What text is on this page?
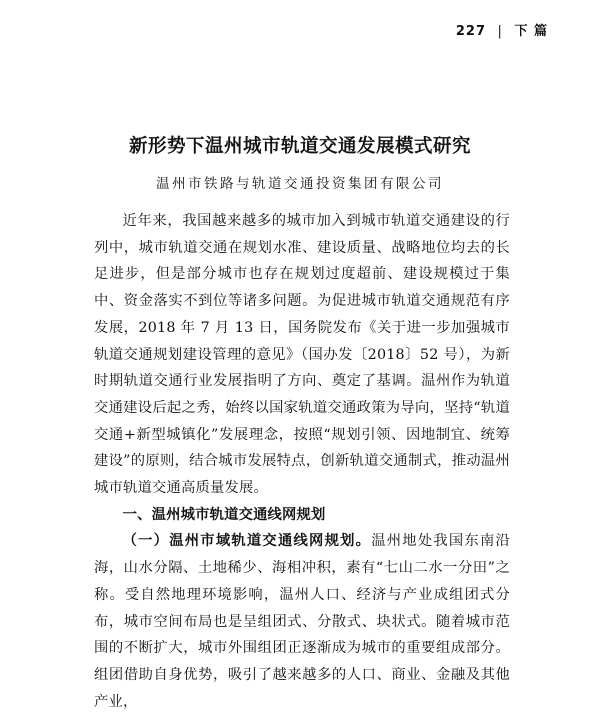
227 | 下 篇
新形势下温州城市轨道交通发展模式研究
温州市铁路与轨道交通投资集团有限公司

近年来，我国越来越多的城市加入到城市轨道交通建设的行列中，城市轨道交通在规划水准、建设质量、战略地位均去的长足进步，但是部分城市也存在规划过度超前、建设规模过于集中、资金落实不到位等诸多问题。为促进城市轨道交通规范有序发展，2018 年 7 月 13 日，国务院发布《关于进一步加强城市轨道交通规划建设管理的意见》（国办发〔2018〕52 号），为新时期轨道交通行业发展指明了方向、奠定了基调。温州作为轨道交通建设后起之秀，始终以国家轨道交通政策为导向，坚持“轨道交通+新型城镇化”发展理念，按照“规划引领、因地制宜、统筹建设”的原则，结合城市发展特点，创新轨道交通制式，推动温州城市轨道交通高质量发展。

一、温州城市轨道交通线网规划

（一）温州市域轨道交通线网规划。温州地处我国东南沿海，山水分隔、土地稀少、海相冲积，素有“七山二水一分田”之称。受自然地理环境影响，温州人口、经济与产业成组团式分布，城市空间布局也是呈组团式、分散式、块状式。随着城市范围的不断扩大，城市外围组团正逐渐成为城市的重要组成部分。组团借助自身优势，吸引了越来越多的人口、商业、金融及其他产业，
